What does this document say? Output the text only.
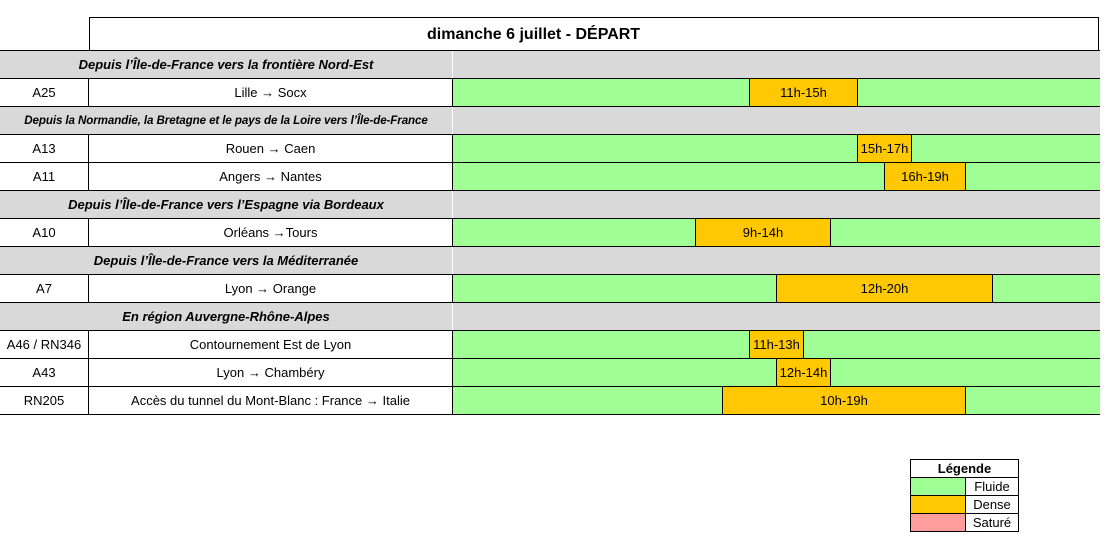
dimanche 6 juillet - DÉPART
Depuis l’Île-de-France vers la frontière Nord-Est
A25	Lille → Socx	11h-15h
Depuis la Normandie, la Bretagne et le pays de la Loire vers l’Île-de-France
A13	Rouen → Caen	15h-17h
A11	Angers → Nantes	16h-19h
Depuis l’Île-de-France vers l’Espagne via Bordeaux
A10	Orléans →Tours	9h-14h
Depuis l’Île-de-France vers la Méditerranée
A7	Lyon → Orange	12h-20h
En région Auvergne-Rhône-Alpes
A46 / RN346	Contournement Est de Lyon	11h-13h
A43	Lyon → Chambéry	12h-14h
RN205	Accès du tunnel du Mont-Blanc : France → Italie	10h-19h
Légende
Fluide
Dense
Saturé
